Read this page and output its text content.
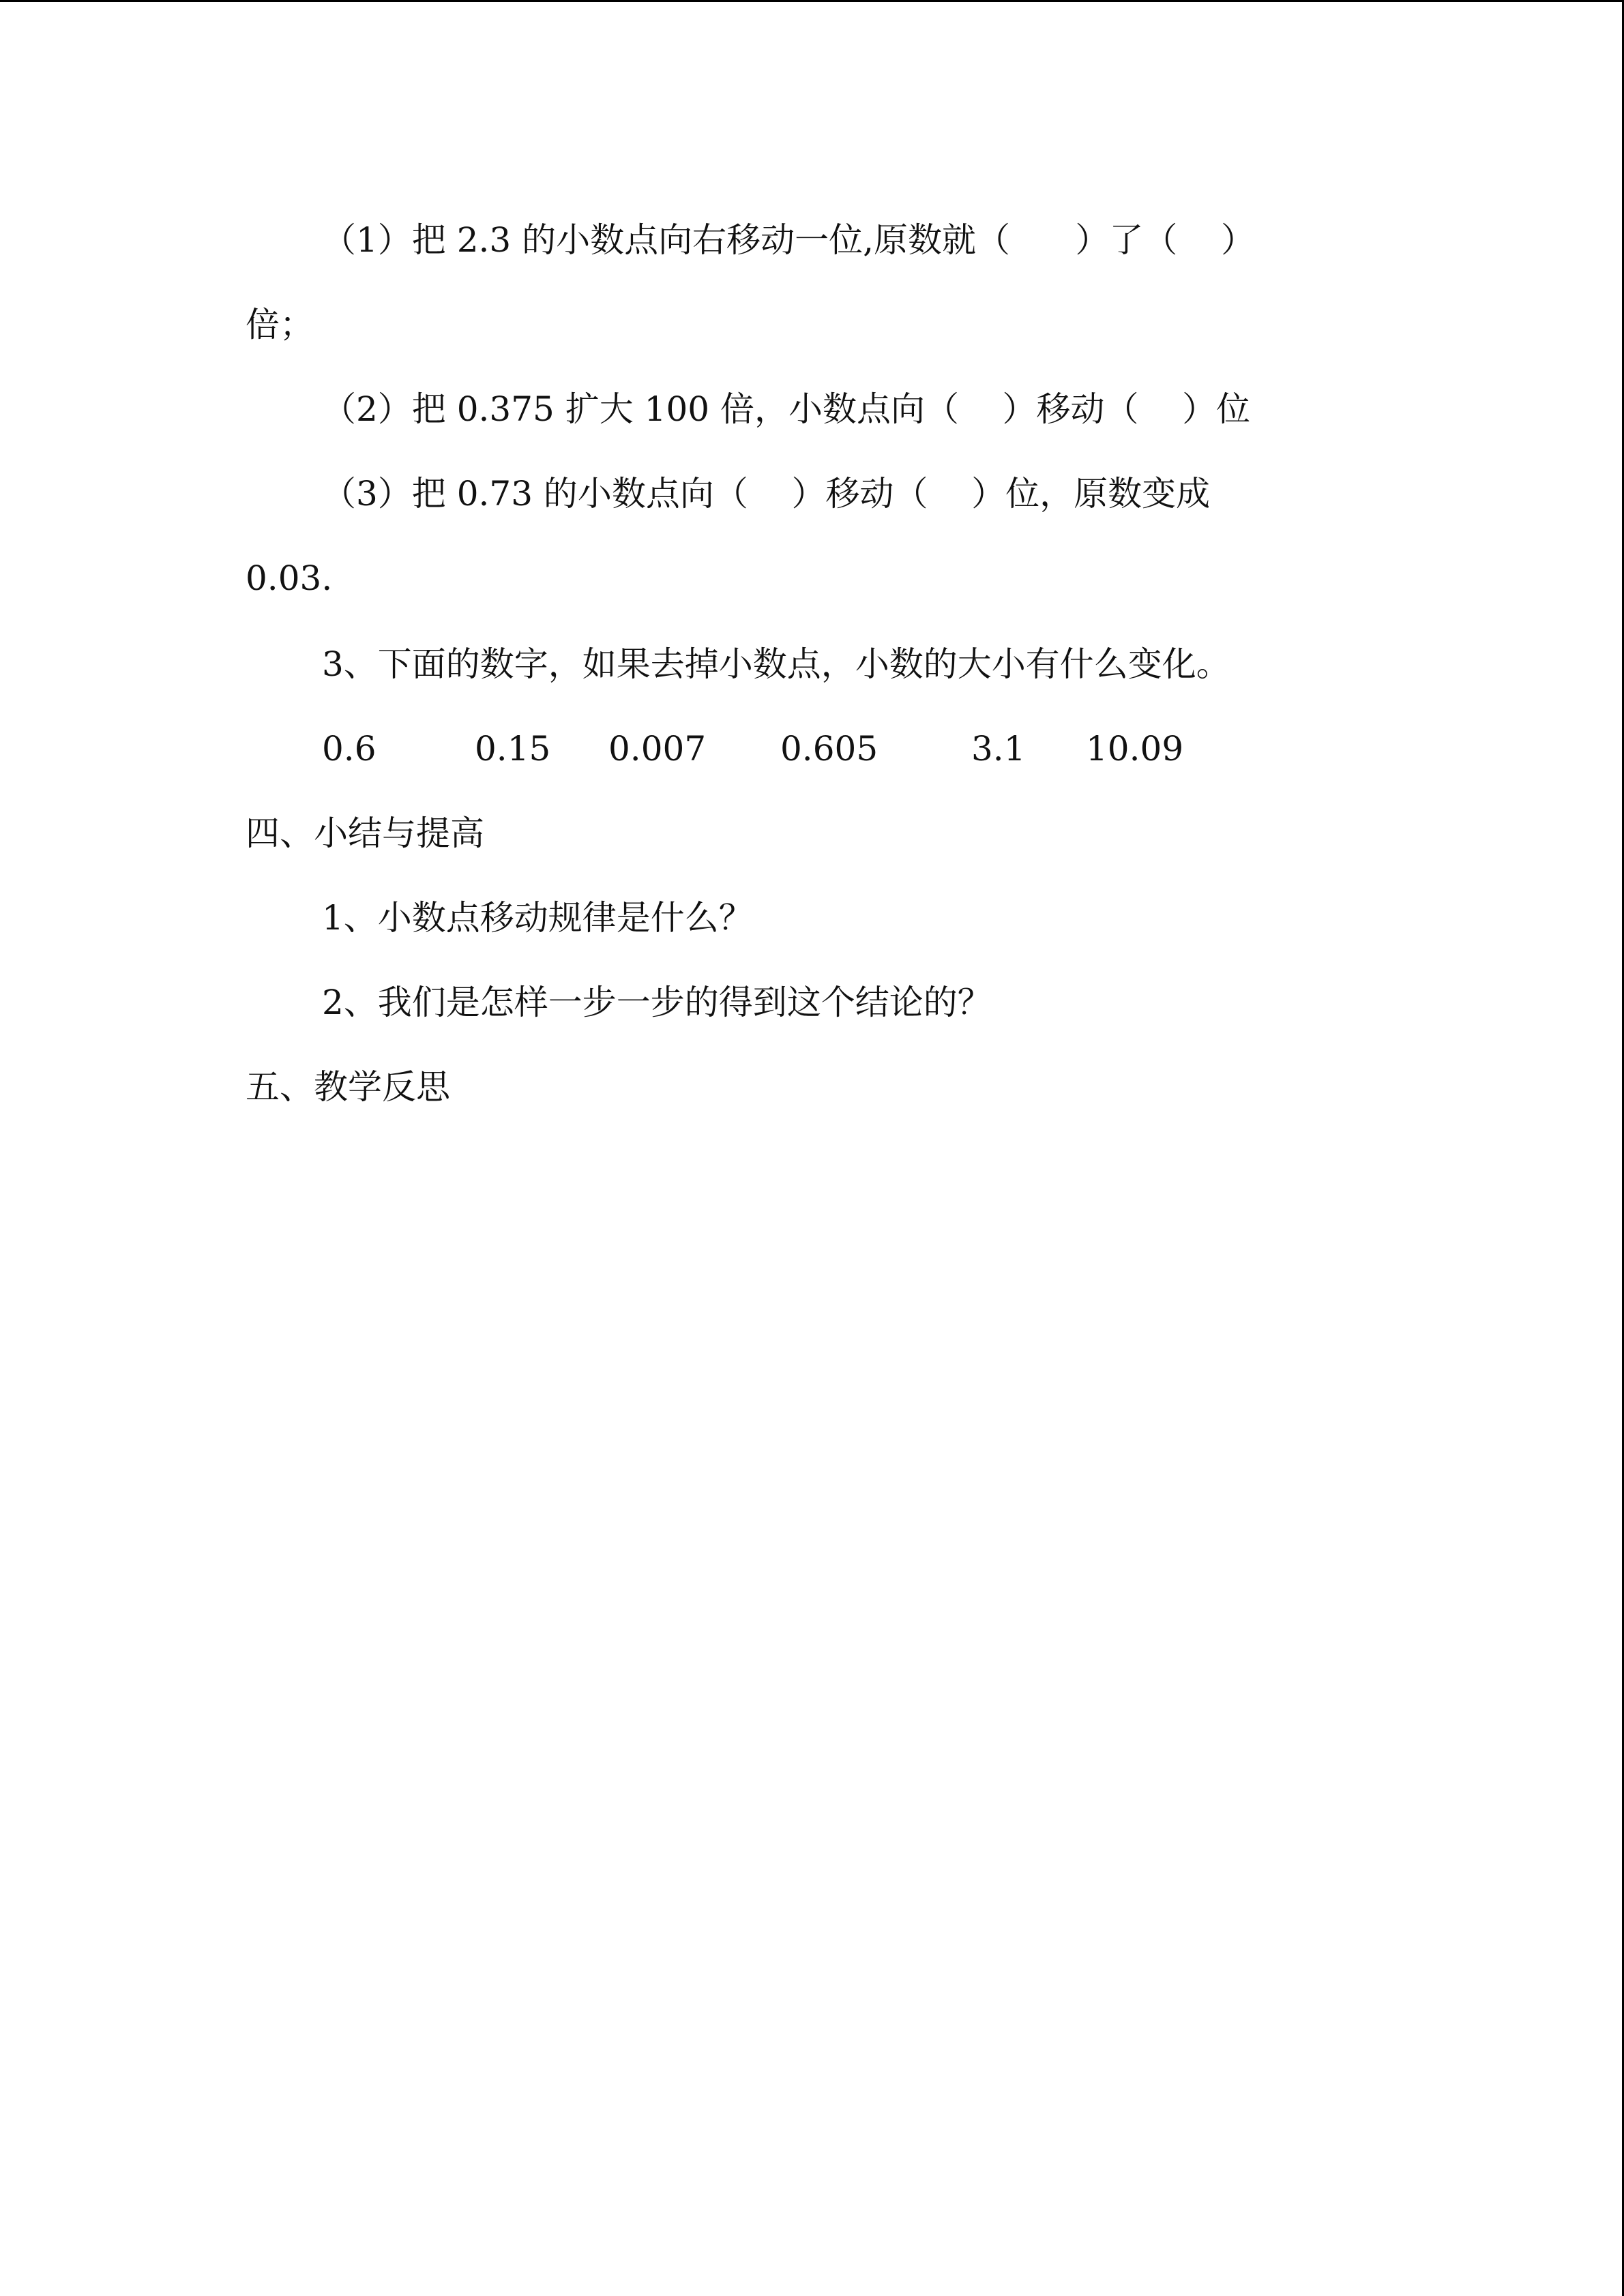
（1）把 2.3 的小数点向右移动一位,原数就（      ）了（    ）
倍；
（2）把 0.375 扩大 100 倍，小数点向（    ）移动（    ）位
（3）把 0.73 的小数点向（    ）移动（    ）位，原数变成
0.03.
3、下面的数字，如果去掉小数点，小数的大小有什么变化。

0.6

	0.15

0.007

0.605

	3.1

10.09

四、小结与提高
1、小数点移动规律是什么？
2、我们是怎样一步一步的得到这个结论的？
五、教学反思
